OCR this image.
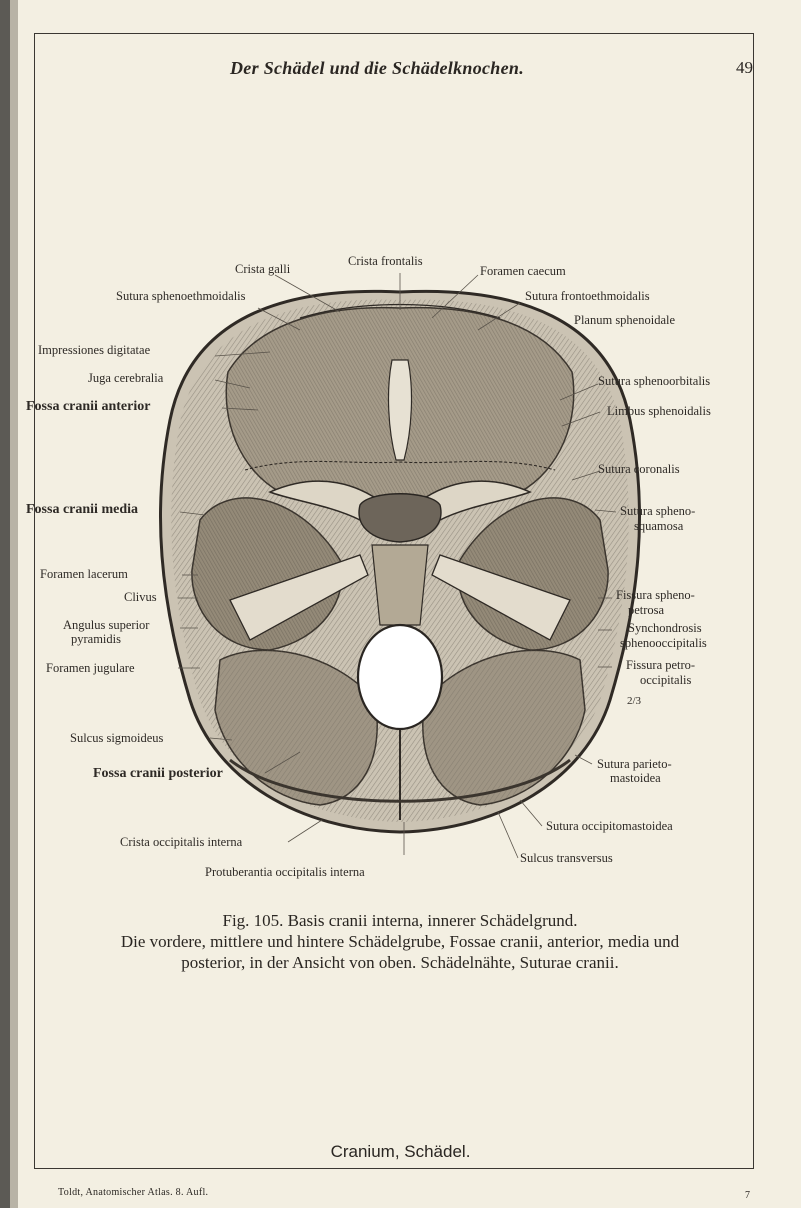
Der Schädel und die Schädelknochen.	49
Crista galli
Crista frontalis
Foramen caecum
Sutura sphenoethmoidalis	Sutura frontoethmoidalis
Planum sphenoidale
Impressiones digitatae
Juga cerebralia	Sutura sphenoorbitalis
Fossa cranii anterior	Limbus sphenoidalis
Sutura coronalis
Fossa cranii media	Sutura spheno-
squamosa
Foramen lacerum
Clivus	Fissura spheno-
petrosa
Angulus superior
pyramidis
Synchondrosis
sphenooccipitalis
Foramen jugulare	Fissura petro-
occipitalis
2/3
Sulcus sigmoideus
Sutura parieto-
mastoidea
Fossa cranii posterior
Crista occipitalis interna
Sutura occipitomastoidea
Sulcus transversus
Protuberantia occipitalis interna
Fig. 105. Basis cranii interna, innerer Schädelgrund.
Die vordere, mittlere und hintere Schädelgrube, Fossae cranii, anterior, media und
posterior, in der Ansicht von oben. Schädelnähte, Suturae cranii.
Cranium, Schädel.
Toldt, Anatomischer Atlas. 8. Aufl.	7
